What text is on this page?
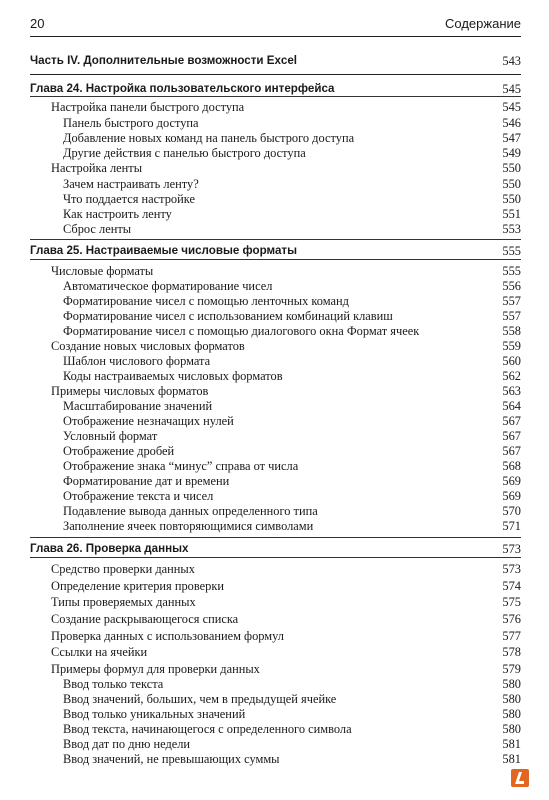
20	Содержание
Часть IV. Дополнительные возможности Excel	543
Глава 24. Настройка пользовательского интерфейса	545
Настройка панели быстрого доступа	545
Панель быстрого доступа	546
Добавление новых команд на панель быстрого доступа	547
Другие действия с панелью быстрого доступа	549
Настройка ленты	550
Зачем настраивать ленту?	550
Что поддается настройке	550
Как настроить ленту	551
Сброс ленты	553
Глава 25. Настраиваемые числовые форматы	555
Числовые форматы	555
Автоматическое форматирование чисел	556
Форматирование чисел с помощью ленточных команд	557
Форматирование чисел с использованием комбинаций клавиш	557
Форматирование чисел с помощью диалогового окна Формат ячеек	558
Создание новых числовых форматов	559
Шаблон числового формата	560
Коды настраиваемых числовых форматов	562
Примеры числовых форматов	563
Масштабирование значений	564
Отображение незначащих нулей	567
Условный формат	567
Отображение дробей	567
Отображение знака “минус” справа от числа	568
Форматирование дат и времени	569
Отображение текста и чисел	569
Подавление вывода данных определенного типа	570
Заполнение ячеек повторяющимися символами	571
Глава 26. Проверка данных	573
Средство проверки данных	573
Определение критерия проверки	574
Типы проверяемых данных	575
Создание раскрывающегося списка	576
Проверка данных с использованием формул	577
Ссылки на ячейки	578
Примеры формул для проверки данных	579
Ввод только текста	580
Ввод значений, больших, чем в предыдущей ячейке	580
Ввод только уникальных значений	580
Ввод текста, начинающегося с определенного символа	580
Ввод дат по дню недели	581
Ввод значений, не превышающих суммы	581
